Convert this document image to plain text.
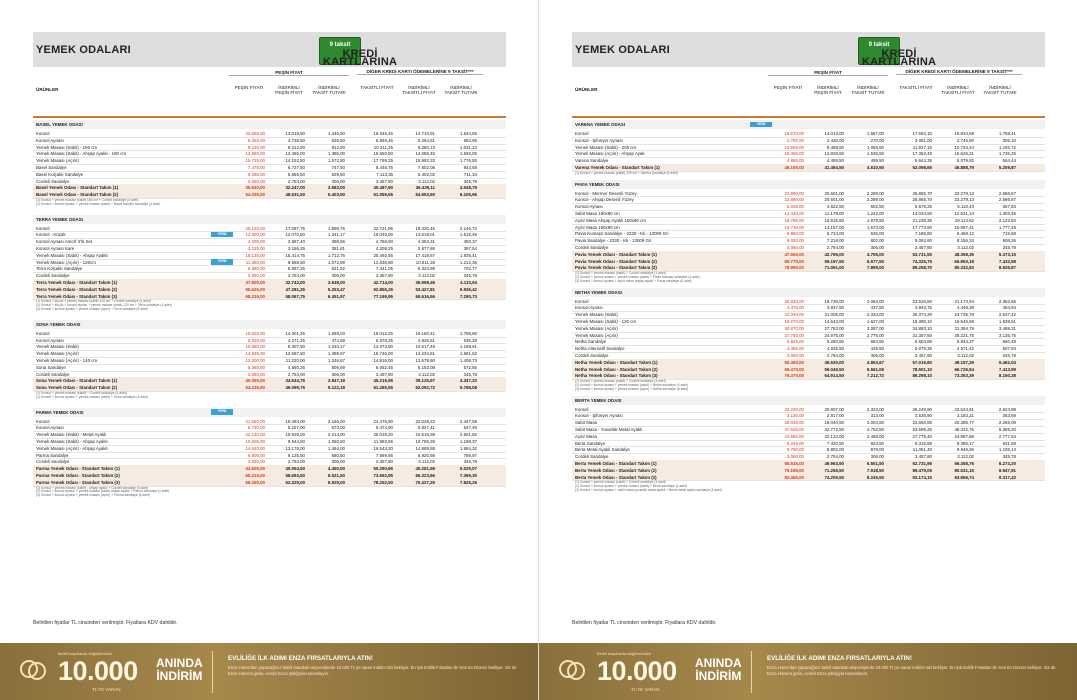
YEMEK ODALARI	9 taksit
KREDİ KARTLARINA
PEŞİN FİYAT	DİĞER KREDİ KARTI ÖDEMELERİNE 9 TAKSİT***
ÜRÜNLER	PEŞİN FİYATI	İNDİRİMLİ
PEŞİN FİYAT
İNDİRİMLİ
TAKSİT TUTARI
TAKSİTLİ FİYAT	İNDİRİMLİ
TAKSİTLİ FİYAT
İNDİRİMLİ
TAKSİT TUTARI
BASEL YEMEK ODASI
Konsol	24.665,00	13.018,50	1.446,50	16.345,45	14.710,91	1.634,55
Konsol Aynası	5.265,00	4.738,50	526,50	5.849,45	5.264,51	584,95
Yemek Masası (Sabit) - 160 cm	9.125,00	8.212,50	912,50	10.311,25	9.280,13	1.031,13
Yemek Masası (Sabit) - Ahşap Ayaklı - 180 cm	13.850,00	12.465,00	1.385,00	15.650,50	14.085,45	1.565,05
Yemek Masası (Açılır)	15.725,00	14.152,50	1.572,50	17.769,25	15.992,33	1.776,93
Basel Sandalye	7.475,00	6.727,50	747,50	8.446,75	7.602,08	844,68
Basel Kolçaklı Sandalye	6.295,00	5.665,50	629,50	7.113,35	6.402,02	711,34
Cordeli Sandalye	3.060,00	2.754,00	306,00	3.457,80	3.112,02	345,78
Basel Yemek Odası - Standart Takım (1)	35.830,00	32.247,00	3.583,00	40.487,90	36.439,11	4.048,79
Basel Yemek Odası - Standart Takım (2)	54.035,00	48.631,50	5.403,50	61.059,55	54.953,60	6.105,96
(1) Konsol + yemek masası (sabit) 160 cm + Cordeli sandalye (4 adet)
(2) Konsol + konsol aynası + yemek masası (sabit) + Basel kolçaklı sandalye (4 adet)
TERRA YEMEK ODASI
Konsol	20.125,00	17.097,75	1.899,75	22.721,95	19.320,46	2.146,72
Konsol - Küçük	YENİ	14.300,00	12.070,50	1.341,17	16.046,00	13.619,01	1.515,45
Konsol Aynası Amorf 4'lü Set	4.200,00	3.587,40	398,56	4.768,60	4.053,31	450,37
Konsol Aynası Kare	3.125,00	3.166,25	351,81	4.209,25	3.577,86	397,54
Yemek Masası (Sabit) - Ahşap Ayaklı	18.135,00	15.414,75	1.712,75	20.492,55	17.418,67	1.935,41
Yemek Masası (Açılır) - 120cm	YENİ	11.360,00	9.658,50	1.072,89	12.836,80	10.911,28	1.212,36
Terra Kolçaklı Sandalye	6.580,00	5.597,25	621,92	7.441,05	6.324,89	702,77
Cordeli Sandalye	3.060,00	2.754,00	306,00	3.457,80	3.112,02	345,78
Terra Yemek Odası - Standart Takım (1)	37.800,00	32.742,00	3.638,00	42.714,00	36.998,46	4.110,94
Terra Yemek Odası - Standart Takım (2)	55.625,00	47.281,25	5.253,47	62.856,25	53.427,81	5.936,42
Terra Yemek Odası - Standart Takım (3)	68.315,00	58.067,75	6.451,97	77.195,95	65.616,56	7.290,73
(1) Konsol + küçük + yemek masası (sabit) 120 cm + Cordeli sandalye (4 adet)
(2) Konsol + küçük + konsol aynası + yemek masası (sabit) 120 cm + Terra sandalye (4 adet)
(3) Konsol + konsol aynası + yemek masası (açılır) + Terra sandalye (6 adet)
SONA YEMEK ODASI
Konsol	16.825,00	14.301,25	1.589,03	19.012,25	16.160,41	1.795,60
Konsol Aynası	5.025,00	4.271,25	474,58	5.678,25	4.826,51	536,28
Yemek Masası (Sabit)	10.950,00	9.307,50	1.034,17	12.373,50	10.517,48	1.168,61
Yemek Masası (Açılır)	14.825,00	12.597,50	1.399,67	16.746,00	14.234,61	1.581,62
Yemek Masası (Açılır) - 140 cm	13.200,00	11.220,00	1.246,67	14.916,00	12.678,60	1.408,73
Sona Sandalye	5.365,00	4.560,25	506,69	6.062,45	5.153,08	572,56
Cordeli Sandalye	3.060,00	2.754,00	306,00	3.457,80	3.112,02	345,78
Sona Yemek Odası - Standart Takım (1)	40.055,00	34.634,75	3.847,19	45.216,95	39.125,97	4.347,33
Sona Yemek Odası - Standart Takım (2)	54.235,00	46.099,75	5.122,19	61.285,55	52.092,72	5.788,08
(1) Konsol + yemek masası (sabit) + Cordeli sandalye (4 adet)
(2) Konsol + konsol aynası + yemek masası (sabit) + Sona sandalye (4 adet)
PARMA YEMEK ODASI	YENİ
Konsol	21.660,00	19.494,00	2.166,00	24.475,80	22.028,22	2.447,58
Konsol Aynası	5.730,00	5.157,00	573,00	6.474,90	5.827,41	647,49
Yemek Masası (Sabit) - Metal Ayaklı	22.140,00	19.926,00	2.214,00	25.018,20	22.516,38	2.501,82
Yemek Masası (Sabit) - Ahşap Ayaklı	10.605,00	9.544,50	1.060,50	11.983,65	10.785,29	1.198,37
Yemek Masası (Açılır) - Ahşap Ayaklı	14.640,00	13.176,00	1.464,00	16.543,20	14.888,88	1.654,32
Parma Sandalye	6.805,00	6.125,50	680,50	7.689,65	6.920,69	768,97
Cordeli Sandalye	3.060,00	2.754,00	306,00	3.457,80	3.112,02	345,78
Parma Yemek Odası - Standart Takım (1)	44.505,00	40.054,50	4.450,50	50.290,65	45.261,59	5.029,07
Parma Yemek Odası - Standart Takım (2)	65.215,00	58.693,50	6.521,50	73.692,95	66.323,66	7.369,30
Parma Yemek Odası - Standart Takım (3)	69.250,00	62.325,00	6.925,00	78.252,50	70.427,25	7.825,25
(1) Konsol + yemek masası (sabit) - ahşap ayaklı + Cordeli sandalye (4 adet)
(2) Konsol + konsol aynası + yemek masası (sabit) ahşap ayaklı + Parma sandalye (4 adet)
(3) Konsol + konsol aynası + yemek masası (açılır) + Parma sandalye (6 adet)
Belirtilen fiyatlar TL cinsinden verilmiştir. Fiyatlara KDV dahildir.
Belirli koşullarda düğünlerinize
10.000
TL'YE VARAN
ANINDA
İNDİRİM
EVLİLİĞE İLK ADIMI ENZA FIRSATLARIYLA ATIN!
Enza Home'dan yapacağınız belirli tutardaki alışverişlerde 10.000 TL'ye varan indirim sizi bekliyor. En Şık Evlilik Fırsatları ile Yeni Ev Düzeni bekliyor. Siz de Enza Home'a gelin, evinizi Enza şıklığıyla tamamlayın.
YEMEK ODALARI	9 taksit
KREDİ KARTLARINA
PEŞİN FİYAT	DİĞER KREDİ KARTI ÖDEMELERİNE 9 TAKSİT***
ÜRÜNLER	PEŞİN FİYATI	İNDİRİMLİ
PEŞİN FİYAT
İNDİRİMLİ
TAKSİT TUTARI
TAKSİTLİ FİYAT	İNDİRİMLİ
TAKSİTLİ FİYAT
İNDİRİMLİ
TAKSİT TUTARI
VARENA YEMEK ODASI	YENİ
Konsol	15.570,00	14.013,00	1.557,00	17.594,10	15.834,69	1.759,41
Konsol - Şifonyer Aynası	2.700,00	2.430,00	270,00	3.051,00	2.745,90	305,10
Yemek Masası (Sabit) - 205 cm	10.555,00	9.499,50	1.055,50	11.927,15	10.734,44	1.192,72
Yemek Masası (Açılır) - Ahşap Ayak	15.365,00	13.828,50	1.536,50	17.362,45	15.626,21	1.736,25
Varena Sandalye	4.995,00	4.495,50	499,50	5.644,35	5.079,92	564,44
Varena Yemek Odası - Standart Takım (1)	46.105,00	41.494,50	4.610,50	52.098,65	46.888,79	5.209,87
(1) Konsol + yemek masası (sabit) 205 cm + Varena Sandalye (6 adet)
PAVIA YEMEK ODASI
Konsol - Mermer Desenli Yüzey	22.890,00	20.601,00	2.289,00	25.865,70	23.279,13	2.586,57
Konsol - Ahşap Desenli Yüzey	22.890,00	20.601,00	2.289,00	25.865,70	23.279,13	2.586,57
Konsol Aynası	5.025,00	4.522,50	502,50	5.678,25	5.110,43	567,83
Sabit Masa 180x90 cm	12.420,00	11.178,00	1.242,00	14.034,60	12.631,14	1.403,46
Açılır Masa Ahşap Ayaklı 160x90 cm	18.795,00	16.915,50	1.879,50	21.238,35	19.114,52	2.123,84
Açılır Masa 160x90 cm	15.730,00	14.157,00	1.573,00	17.774,90	15.997,41	1.777,49
Pavia Kumaşlı Sandalye - 2230 - Kk - 13009 Gri	6.860,00	5.724,00	636,00	7.186,80	6.468,12	718,68
Pavia Sandalye - 2230 - Kk - 13009 Gri	8.020,00	7.218,00	802,00	9.062,60	8.156,34	906,26
Cordeli Sandalye	3.060,00	2.754,00	306,00	3.457,80	3.112,02	345,78
Pavia Yemek Odası - Standart Takım (1)	47.550,00	42.795,00	4.755,00	53.731,50	48.358,35	5.373,15
Pavia Yemek Odası - Standart Takım (2)	65.775,00	59.197,50	6.577,50	74.325,75	66.893,18	7.432,58
Pavia Yemek Odası - Standart Takım (3)	78.990,00	71.091,00	7.899,00	89.258,70	80.332,83	8.925,87
(1) Konsol + yemek masası (sabit) + Cordeli sandalye (4 adet)
(2) Konsol + konsol aynası + yemek masası (sabit) + Pavia kumaşlı sandalye (4 adet)
(3) Konsol + konsol aynası + açılır masa ahşap ayaklı + Pavia sandalye (6 adet)
NETHA YEMEK ODASI
Konsol	20.820,00	18.738,00	2.082,00	23.526,60	21.173,94	2.352,66
Konsol Aynası	4.375,00	3.937,50	437,50	4.943,75	4.449,38	494,94
Yemek Masası (Sabit)	23.340,00	21.006,00	2.334,00	26.374,20	23.736,78	2.637,42
Yemek Masası (Sabit) - 120 cm	16.270,00	14.643,00	1.627,00	18.385,10	16.546,59	1.838,51
Yemek Masası (Açılır)	30.870,00	27.783,00	3.087,00	34.883,10	31.394,79	3.488,31
Yemek Masası (Açılır)	27.750,00	24.975,00	2.775,00	31.357,50	28.221,75	3.135,75
Netha Sandalye	5.845,00	5.260,50	584,50	6.604,85	5.944,37	660,49
Netha Alternatif Sandalye	4.495,00	4.045,50	449,50	5.079,35	4.571,42	507,94
Cordeli Sandalye	3.060,00	2.754,00	306,00	3.457,80	3.112,02	345,78
Netha Yemek Odası - Standart Takım (1)	50.460,00	45.530,00	4.853,67	57.019,80	49.157,29	5.462,04
Netha Yemek Odası - Standart Takım (2)	69.470,00	59.049,50	6.561,06	78.501,10	66.726,94	7.413,99
Netha Yemek Odası - Standart Takım (3)	76.370,00	64.914,50	7.212,72	86.298,10	73.353,39	8.150,38
(1) Konsol + yemek masası (sabit) + Cordeli sandalye (4 adet)
(2) Konsol + konsol aynası + yemek masası (sabit) + Netha sandalye (4 adet)
(3) Konsol + konsol aynası + yemek masası (açılır) + Netha sandalye (6 adet)
BERTA YEMEK ODASI
Konsol	23.230,00	20.907,00	2.323,00	26.249,90	23.624,91	2.624,99
Konsol - Şifonyer Aynası	3.130,00	2.817,00	313,00	3.536,90	3.183,21	353,69
Sabit Masa	20.045,00	18.040,50	2.004,50	22.650,85	20.385,77	2.265,09
Sabit Masa - Yuvarlak Metal Ayaklı	47.525,00	42.772,50	4.752,50	53.699,25	48.322,75	5.369,20
Açılır Masa	24.580,00	22.122,00	2.458,00	27.775,40	24.997,86	2.777,54
Berta Sandalye	8.245,00	7.420,50	824,50	9.316,85	8.385,17	931,69
Berta Metal Ayaklı Sandalye	9.780,00	8.802,00	978,00	11.051,40	9.946,26	1.105,14
Cordeli Sandalye	3.060,00	2.754,00	306,00	3.457,80	3.112,02	345,78
Berta Yemek Odası - Standart Takım (1)	55.515,00	49.963,50	5.551,50	62.731,95	56.458,76	6.273,20
Berta Yemek Odası - Standart Takım (2)	79.185,00	71.266,50	7.918,50	89.479,05	80.531,15	8.947,91
Berta Yemek Odası - Standart Takım (3)	82.455,00	74.209,50	8.245,50	93.174,15	83.856,74	9.317,42
(1) Konsol + yemek masası (sabit) + Cordeli sandalye (4 adet)
(2) Konsol + konsol aynası + yemek masası (sabit) + Berta sandalye (4 adet)
(3) Konsol + konsol aynası + sabit masa yuvarlak metal ayaklı + Berta metal ayaklı sandalye (4 adet)
Belirtilen fiyatlar TL cinsinden verilmiştir. Fiyatlara KDV dahildir.
Belirli koşullarda düğünlerinize
10.000
TL'YE VARAN
ANINDA
İNDİRİM
EVLİLİĞE İLK ADIMI ENZA FIRSATLARIYLA ATIN!
Enza Home'dan yapacağınız belirli tutardaki alışverişlerde 10.000 TL'ye varan indirim sizi bekliyor. En Şık Evlilik Fırsatları ile Yeni Ev Düzeni bekliyor. Siz de Enza Home'a gelin, evinizi Enza şıklığıyla tamamlayın.
